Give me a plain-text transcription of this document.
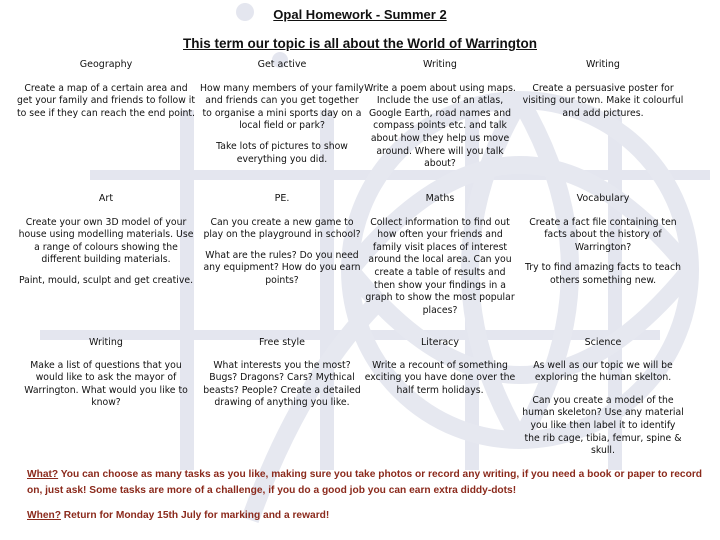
Opal Homework - Summer 2
This term our topic is all about the World of Warrington

Geography

Create a map of a certain area and get your family and friends to follow it to see if they can reach the end point.

Get active

How many members of your family and friends can you get together to organise a mini sports day on a local field or park?

Take lots of pictures to show everything you did.

Writing

Write a poem about using maps. Include the use of an atlas, Google Earth, road names and compass points etc. and talk about how they help us move around. Where will you talk about?

Writing

Create a persuasive poster for visiting our town. Make it colourful and add pictures.

Art

Create your own 3D model of your house using modelling materials. Use a range of colours showing the different building materials.

Paint, mould, sculpt and get creative.

PE.

Can you create a new game to play on the playground in school?

What are the rules? Do you need any equipment? How do you earn points?

Maths

Collect information to find out how often your friends and family visit places of interest around the local area. Can you create a table of results and then show your findings in a graph to show the most popular places?

Vocabulary

Create a fact file containing ten facts about the history of Warrington?

Try to find amazing facts to teach others something new.

Writing

Make a list of questions that you would like to ask the mayor of Warrington. What would you like to know?

Free style

What interests you the most? Bugs? Dragons? Cars? Mythical beasts? People? Create a detailed drawing of anything you like.

Literacy

Write a recount of something exciting you have done over the half term holidays.

Science

As well as our topic we will be exploring the human skelton.

Can you create a model of the human skeleton? Use any material you like then label it to identify the rib cage, tibia, femur, spine & skull.

What? You can choose as many tasks as you like, making sure you take photos or record any writing, if you need a book or paper to record on, just ask! Some tasks are more of a challenge, if you do a good job you can earn extra diddy-dots!
When? Return for Monday 15th July for marking and a reward!
